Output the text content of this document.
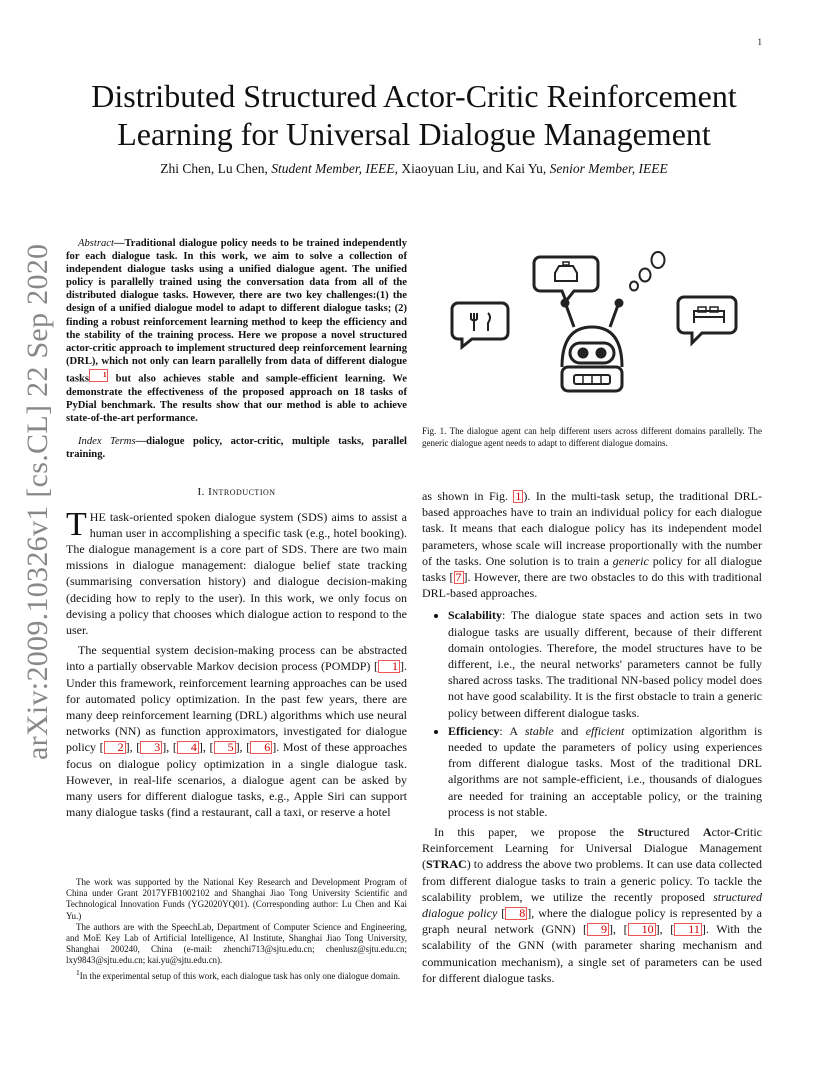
1
arXiv:2009.10326v1 [cs.CL] 22 Sep 2020
Distributed Structured Actor-Critic Reinforcement Learning for Universal Dialogue Management
Zhi Chen, Lu Chen, Student Member, IEEE, Xiaoyuan Liu, and Kai Yu, Senior Member, IEEE

Abstract—Traditional dialogue policy needs to be trained independently for each dialogue task. In this work, we aim to solve a collection of independent dialogue tasks using a unified dialogue agent. The unified policy is parallelly trained using the conversation data from all of the distributed dialogue tasks. However, there are two key challenges:(1) the design of a unified dialogue model to adapt to different dialogue tasks; (2) finding a robust reinforcement learning method to keep the efficiency and the stability of the training process. Here we propose a novel structured actor-critic approach to implement structured deep reinforcement learning (DRL), which not only can learn parallelly from data of different dialogue tasks $^1$ but also achieves stable and sample-efficient learning. We demonstrate the effectiveness of the proposed approach on 18 tasks of PyDial benchmark. The results show that our method is able to achieve state-of-the-art performance.

Index Terms—dialogue policy, actor-critic, multiple tasks, parallel training.

I. Introduction

THE task-oriented spoken dialogue system (SDS) aims to assist a human user in accomplishing a specific task (e.g., hotel booking). The dialogue management is a core part of SDS. There are two main missions in dialogue management: dialogue belief state tracking (summarising conversation history) and dialogue decision-making (deciding how to reply to the user). In this work, we only focus on devising a policy that chooses which dialogue action to respond to the user.

The sequential system decision-making process can be abstracted into a partially observable Markov decision process (POMDP) [ 1 ]. Under this framework, reinforcement learning approaches can be used for automated policy optimization. In the past few years, there are many deep reinforcement learning (DRL) algorithms which use neural networks (NN) as function approximators, investigated for dialogue policy [ 2 ], [ 3 ], [ 4 ], [ 5 ], [ 6 ]. Most of these approaches focus on dialogue policy optimization in a single dialogue task. However, in real-life scenarios, a dialogue agent can be asked by many users for different dialogue tasks, e.g., Apple Siri can support many dialogue tasks (find a restaurant, call a taxi, or reserve a hotel

The work was supported by the National Key Research and Development Program of China under Grant 2017YFB1002102 and Shanghai Jiao Tong University Scientific and Technological Innovation Funds (YG2020YQ01). (Corresponding author: Lu Chen and Kai Yu.)

The authors are with the SpeechLab, Department of Computer Science and Engineering, and MoE Key Lab of Artificial Intelligence, AI Institute, Shanghai Jiao Tong University, Shanghai 200240, China (e-mail: zhenchi713@sjtu.edu.cn; chenlusz@sjtu.edu.cn; lxy9843@sjtu.edu.cn; kai.yu@sjtu.edu.cn).

$^1$In the experimental setup of this work, each dialogue task has only one dialogue domain.

Fig. 1. The dialogue agent can help different users across different domains parallelly. The generic dialogue agent needs to adapt to different dialogue domains.

as shown in Fig. 1 ). In the multi-task setup, the traditional DRL-based approaches have to train an individual policy for each dialogue task. It means that each dialogue policy has its independent model parameters, whose scale will increase proportionally with the number of the tasks. One solution is to train a generic policy for all dialogue tasks [ 7 ]. However, there are two obstacles to do this with traditional DRL-based approaches.

• Scalability: The dialogue state spaces and action sets in two dialogue tasks are usually different, because of their different domain ontologies. Therefore, the model structures have to be different, i.e., the neural networks' parameters cannot be fully shared across tasks. The traditional NN-based policy model does not have good scalability. It is the first obstacle to train a generic policy between different dialogue tasks.
• Efficiency: A stable and efficient optimization algorithm is needed to update the parameters of policy using experiences from different dialogue tasks. Most of the traditional DRL algorithms are not sample-efficient, i.e., thousands of dialogues are needed for training an acceptable policy, or the training process is not stable.

In this paper, we propose the Structured Actor-Critic Reinforcement Learning for Universal Dialogue Management (STRAC) to address the above two problems. It can use data collected from different dialogue tasks to train a generic policy. To tackle the scalability problem, we utilize the recently proposed structured dialogue policy [ 8 ], where the dialogue policy is represented by a graph neural network (GNN) [ 9 ], [ 10 ], [ 11 ]. With the scalability of the GNN (with parameter sharing mechanism and communication mechanism), a single set of parameters can be used for different dialogue tasks.
